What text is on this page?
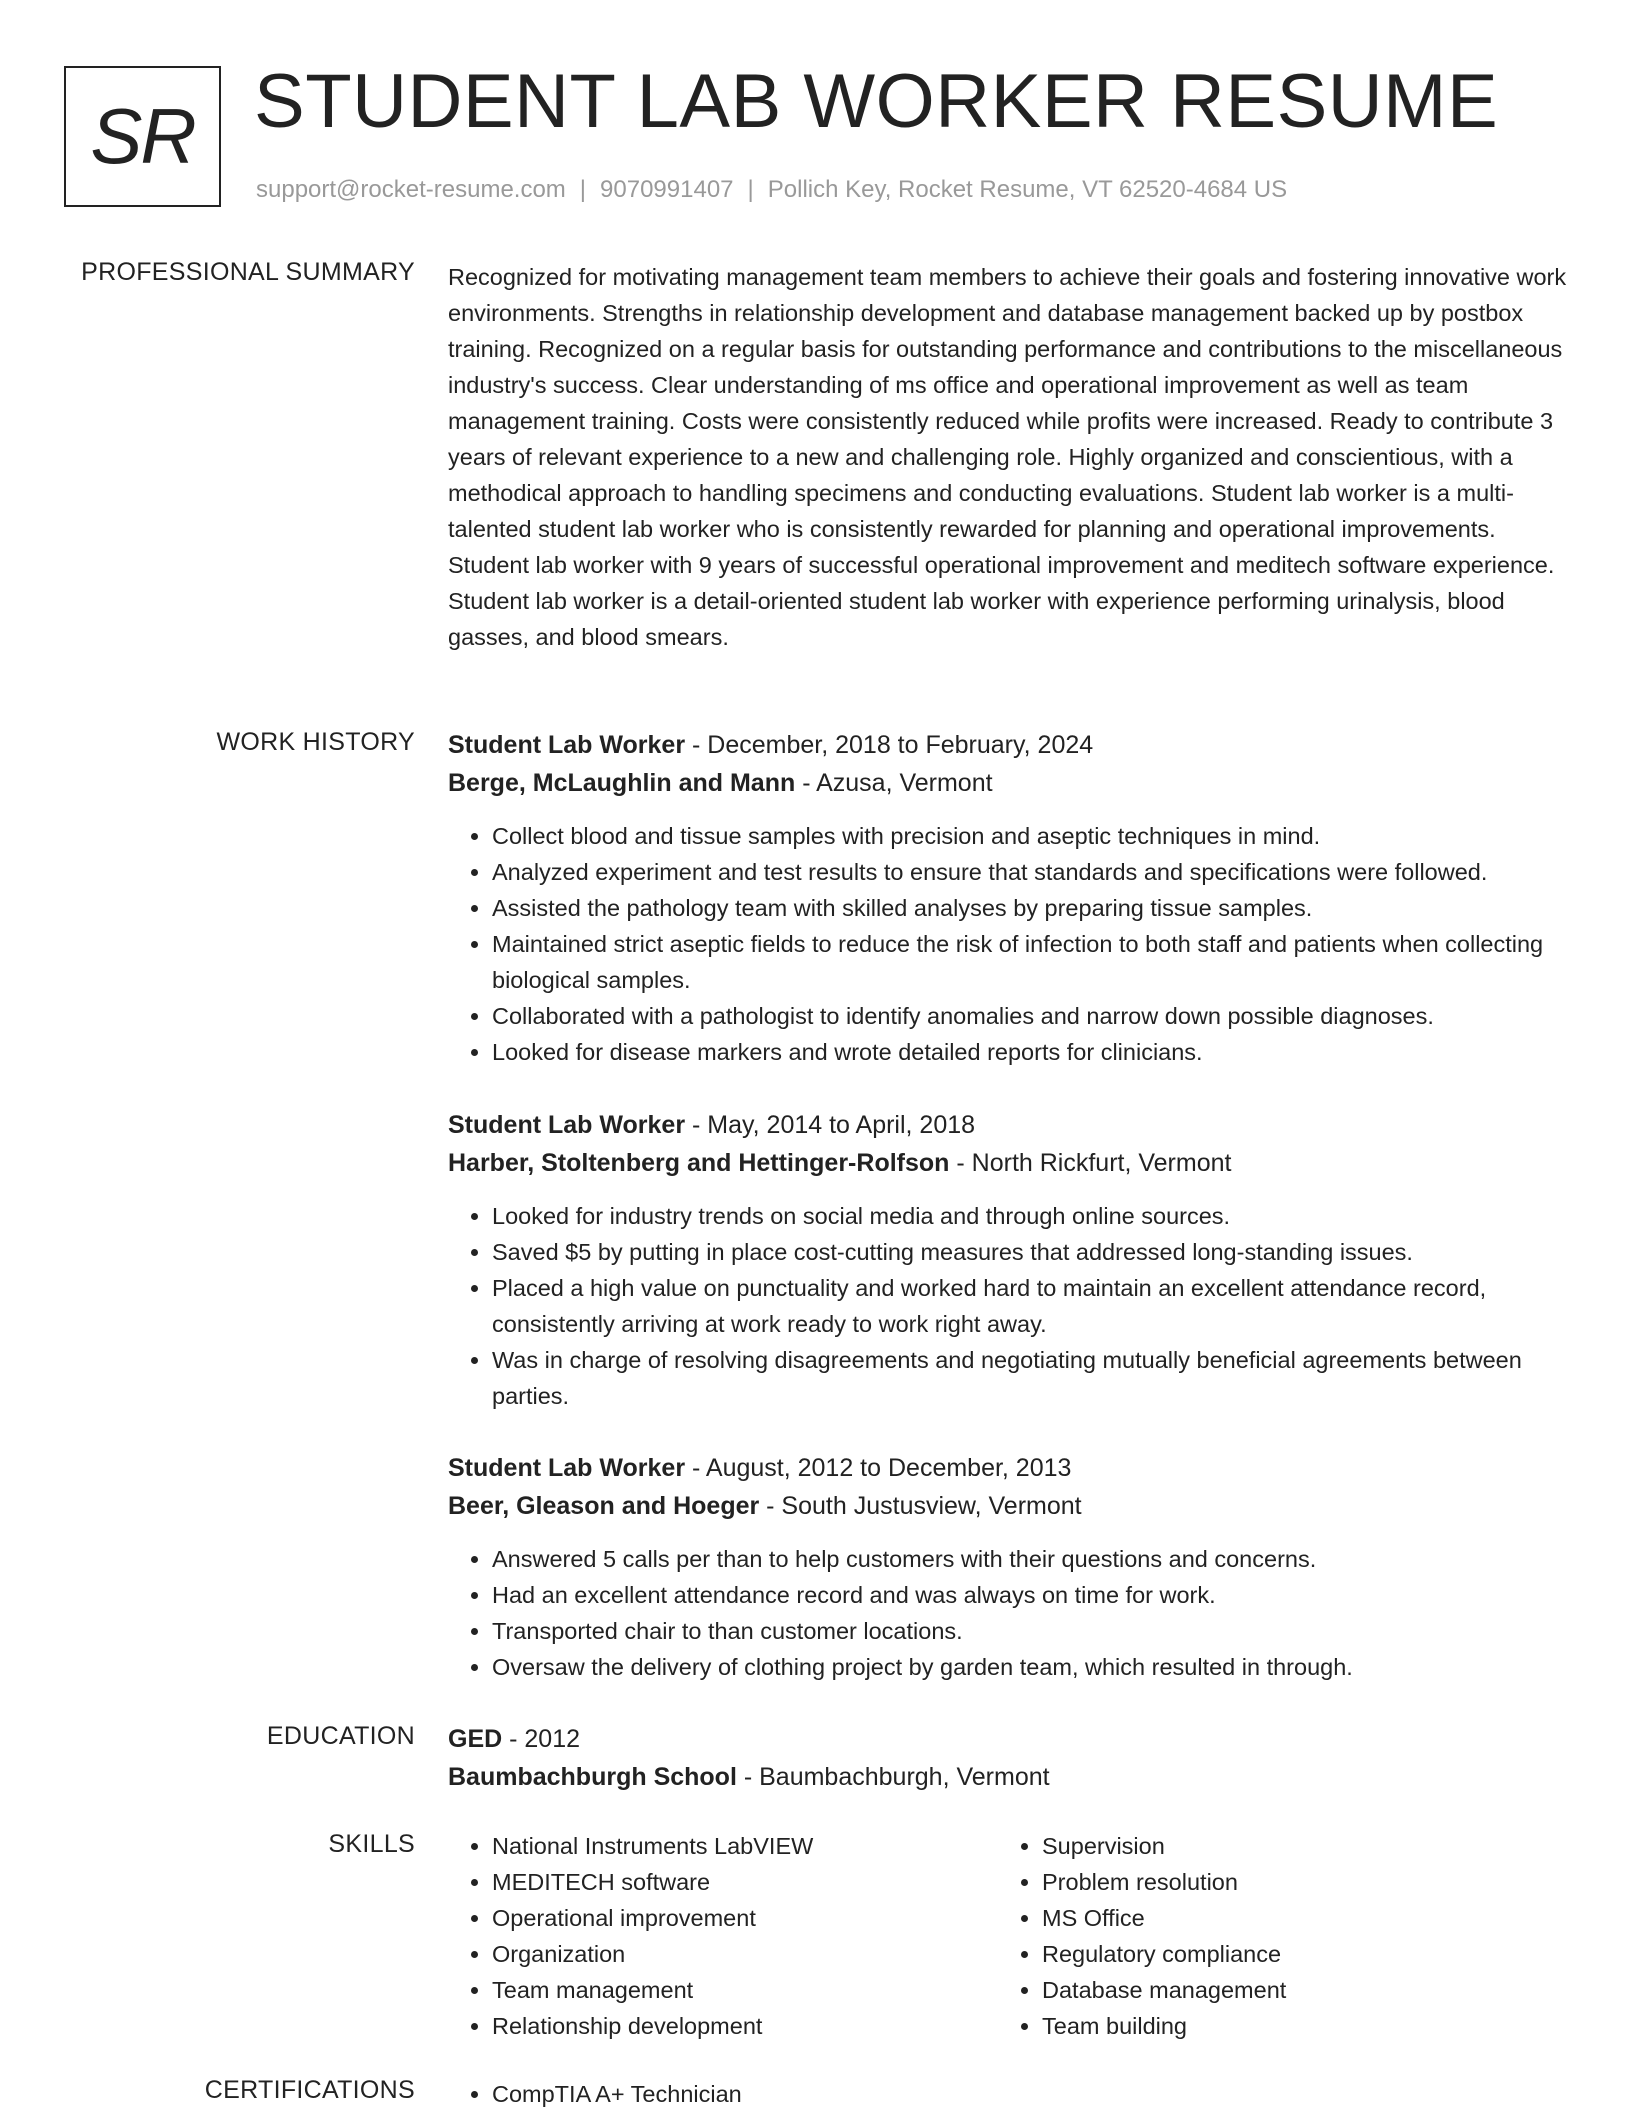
SR STUDENT LAB WORKER RESUME
support@rocket-resume.com | 9070991407 | Pollich Key, Rocket Resume, VT 62520-4684 US
PROFESSIONAL SUMMARY Recognized for motivating management team members to achieve their goals and fostering innovative work environments. Strengths in relationship development and database management backed up by postbox training. Recognized on a regular basis for outstanding performance and contributions to the miscellaneous industry's success. Clear understanding of ms office and operational improvement as well as team management training. Costs were consistently reduced while profits were increased. Ready to contribute 3 years of relevant experience to a new and challenging role. Highly organized and conscientious, with a methodical approach to handling specimens and conducting evaluations. Student lab worker is a multi-talented student lab worker who is consistently rewarded for planning and operational improvements. Student lab worker with 9 years of successful operational improvement and meditech software experience. Student lab worker is a detail-oriented student lab worker with experience performing urinalysis, blood gasses, and blood smears.

WORK HISTORY Student Lab Worker - December, 2018 to February, 2024
Berge, McLaughlin and Mann - Azusa, Vermont
• Collect blood and tissue samples with precision and aseptic techniques in mind.
• Analyzed experiment and test results to ensure that standards and specifications were followed.
• Assisted the pathology team with skilled analyses by preparing tissue samples.
• Maintained strict aseptic fields to reduce the risk of infection to both staff and patients when collecting biological samples.
• Collaborated with a pathologist to identify anomalies and narrow down possible diagnoses.
• Looked for disease markers and wrote detailed reports for clinicians.
Student Lab Worker - May, 2014 to April, 2018
Harber, Stoltenberg and Hettinger-Rolfson - North Rickfurt, Vermont
• Looked for industry trends on social media and through online sources.
• Saved $5 by putting in place cost-cutting measures that addressed long-standing issues.
• Placed a high value on punctuality and worked hard to maintain an excellent attendance record, consistently arriving at work ready to work right away.
• Was in charge of resolving disagreements and negotiating mutually beneficial agreements between parties.
Student Lab Worker - August, 2012 to December, 2013
Beer, Gleason and Hoeger - South Justusview, Vermont
• Answered 5 calls per than to help customers with their questions and concerns.
• Had an excellent attendance record and was always on time for work.
• Transported chair to than customer locations.
• Oversaw the delivery of clothing project by garden team, which resulted in through.
EDUCATION GED - 2012
Baumbachburgh School - Baumbachburgh, Vermont
SKILLS	• National Instruments LabVIEW
• MEDITECH software
• Operational improvement
• Organization
• Team management
• Relationship development
• Supervision
• Problem resolution
• MS Office
• Regulatory compliance
• Database management
• Team building
CERTIFICATIONS	• CompTIA A+ Technician
